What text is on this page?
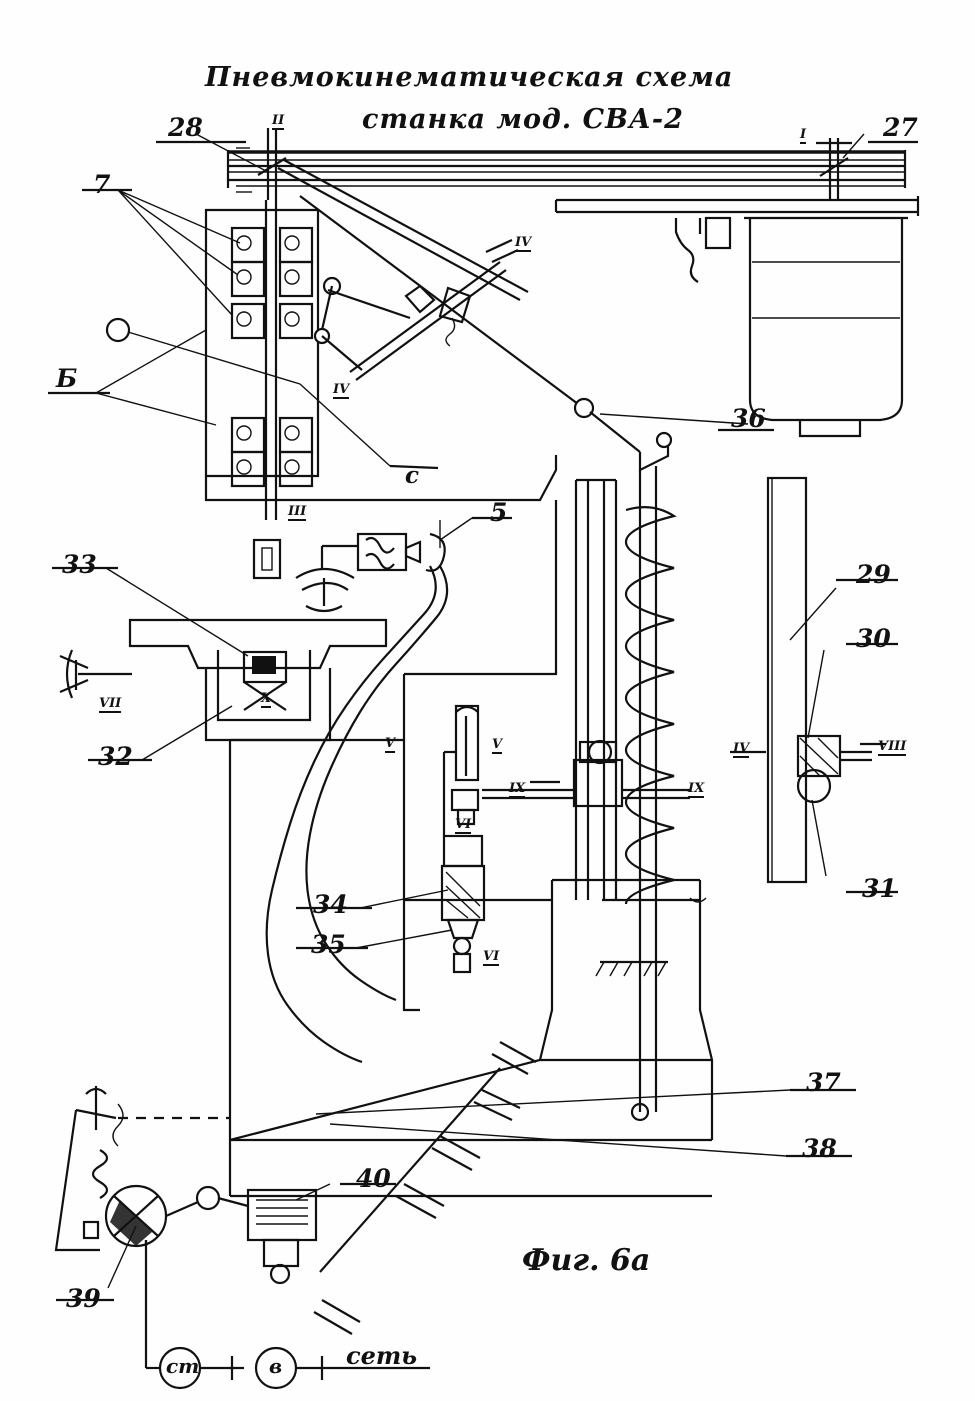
Пневмокинематическая схема
станка мод. СВА-2
Фиг. 6а
II
I
IV
IV
III
VII	X
V	V	IV	VIII
IX	IX
VI
VI
28	27
7
Б
с
36
33
5
29
30
32
31
34
35
37
38
40
39
ст	в	сеть
